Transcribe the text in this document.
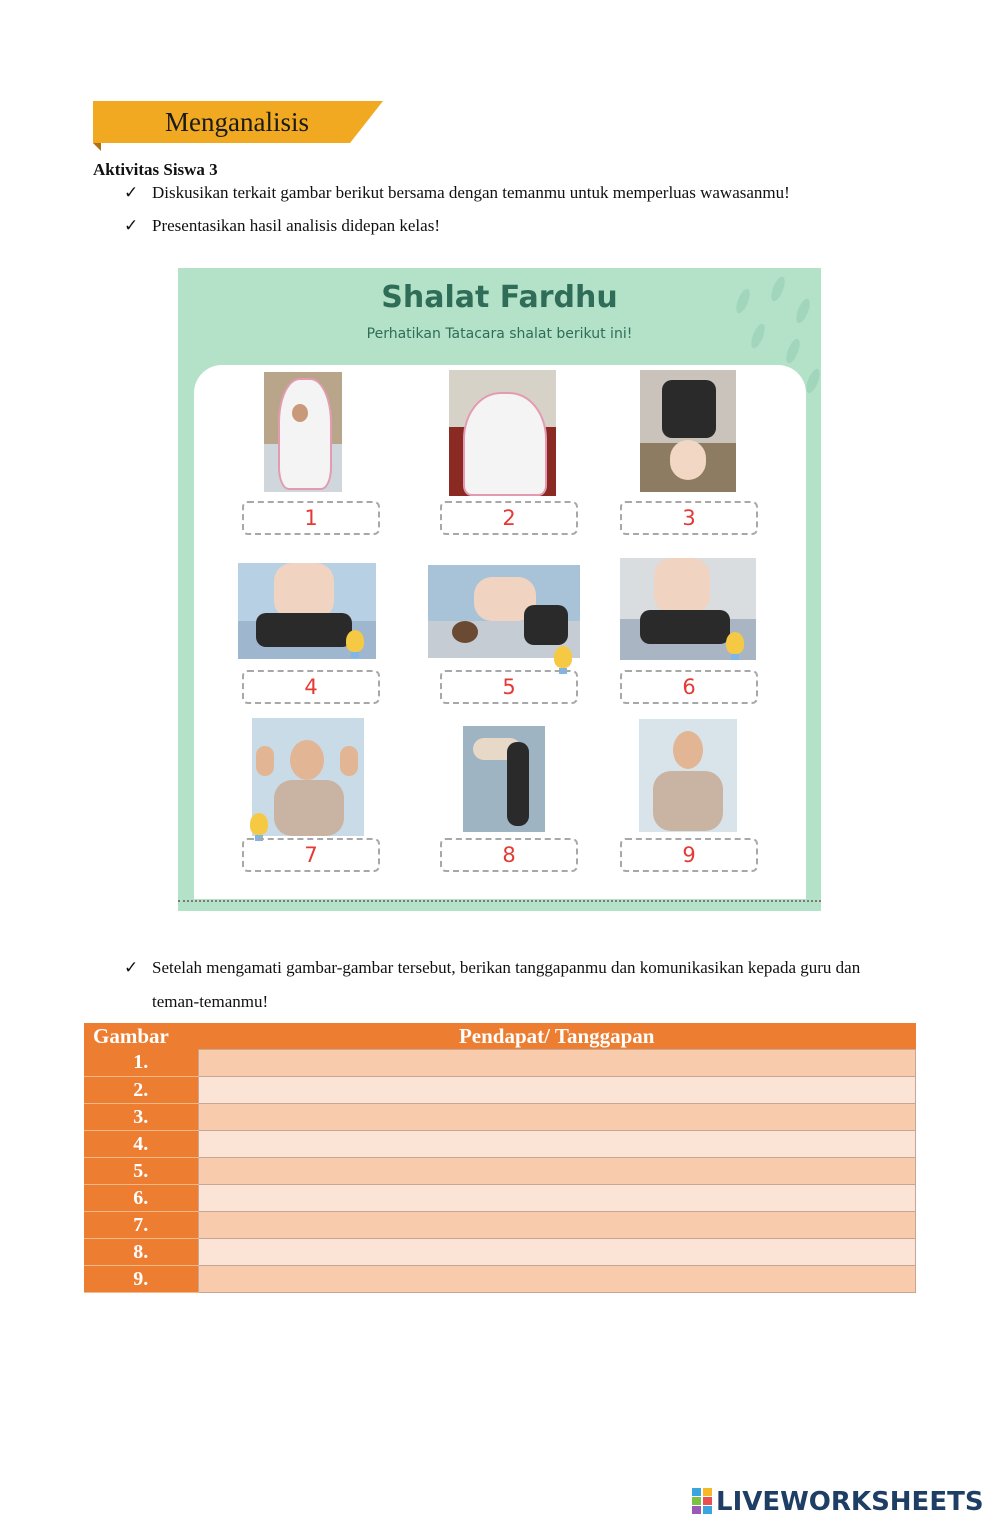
Menganalisis
Aktivitas Siswa 3
✓ Diskusikan terkait gambar berikut bersama dengan temanmu untuk memperluas wawasanmu!
✓ Presentasikan hasil analisis didepan kelas!
Shalat Fardhu
Perhatikan Tatacara shalat berikut ini!
1	2	3
4	5	6
7	8	9
✓ Setelah mengamati gambar-gambar tersebut, berikan tanggapanmu dan komunikasikan kepada guru dan teman-temanmu!
Gambar	Pendapat/ Tanggapan
1.	
2.	
3.	
4.	
5.	
6.	
7.	
8.	
9.	
LIVEWORKSHEETS
